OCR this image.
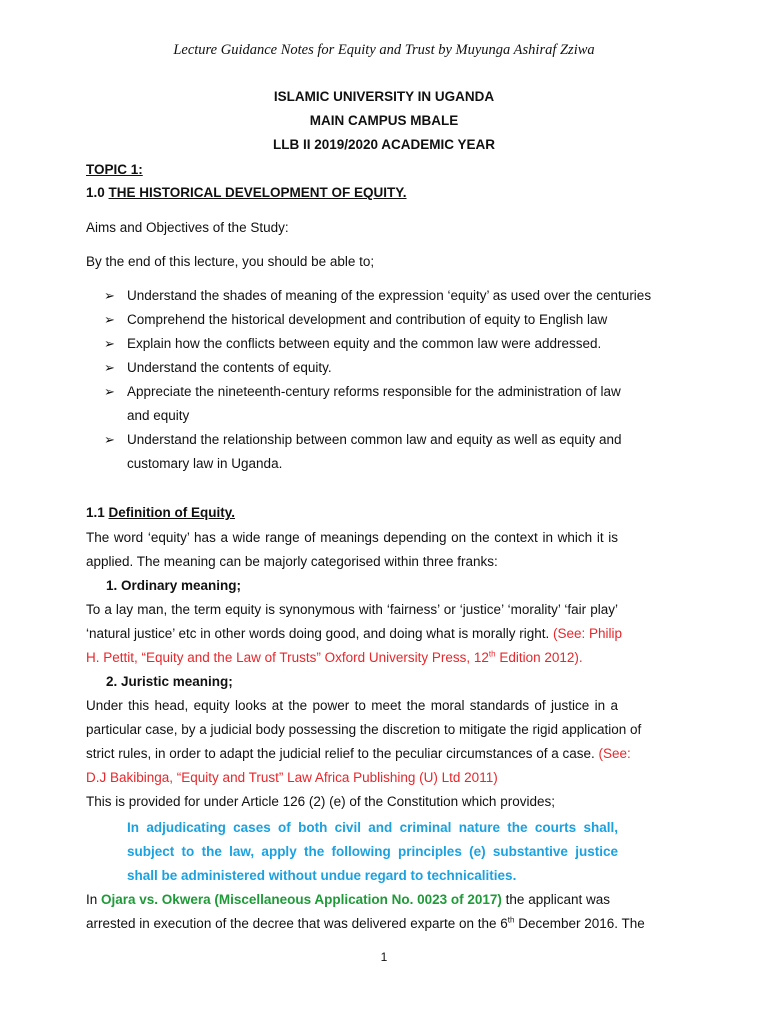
Lecture Guidance Notes for Equity and Trust by Muyunga Ashiraf Zziwa
ISLAMIC UNIVERSITY IN UGANDA
MAIN CAMPUS MBALE
LLB II 2019/2020 ACADEMIC YEAR
TOPIC 1:
1.0 THE HISTORICAL DEVELOPMENT OF EQUITY.
Aims and Objectives of the Study:
By the end of this lecture, you should be able to;
➢ Understand the shades of meaning of the expression ‘equity’ as used over the centuries
➢ Comprehend the historical development and contribution of equity to English law
➢ Explain how the conflicts between equity and the common law were addressed.
➢ Understand the contents of equity.
➢ Appreciate the nineteenth-century reforms responsible for the administration of law
and equity
➢ Understand the relationship between common law and equity as well as equity and
customary law in Uganda.
1.1 Definition of Equity.
The word ‘equity’ has a wide range of meanings depending on the context in which it is
applied. The meaning can be majorly categorised within three franks:
1. Ordinary meaning;
To a lay man, the term equity is synonymous with ‘fairness’ or ‘justice’ ‘morality’ ‘fair play’
‘natural justice’ etc in other words doing good, and doing what is morally right. (See: Philip
H. Pettit, “Equity and the Law of Trusts” Oxford University Press, 12th Edition 2012).
2. Juristic meaning;
Under this head, equity looks at the power to meet the moral standards of justice in a
particular case, by a judicial body possessing the discretion to mitigate the rigid application of
strict rules, in order to adapt the judicial relief to the peculiar circumstances of a case. (See:
D.J Bakibinga, “Equity and Trust” Law Africa Publishing (U) Ltd 2011)
This is provided for under Article 126 (2) (e) of the Constitution which provides;
In adjudicating cases of both civil and criminal nature the courts shall,
subject to the law, apply the following principles (e) substantive justice
shall be administered without undue regard to technicalities.
In Ojara vs. Okwera (Miscellaneous Application No. 0023 of 2017) the applicant was
arrested in execution of the decree that was delivered exparte on the 6th December 2016. The
1
